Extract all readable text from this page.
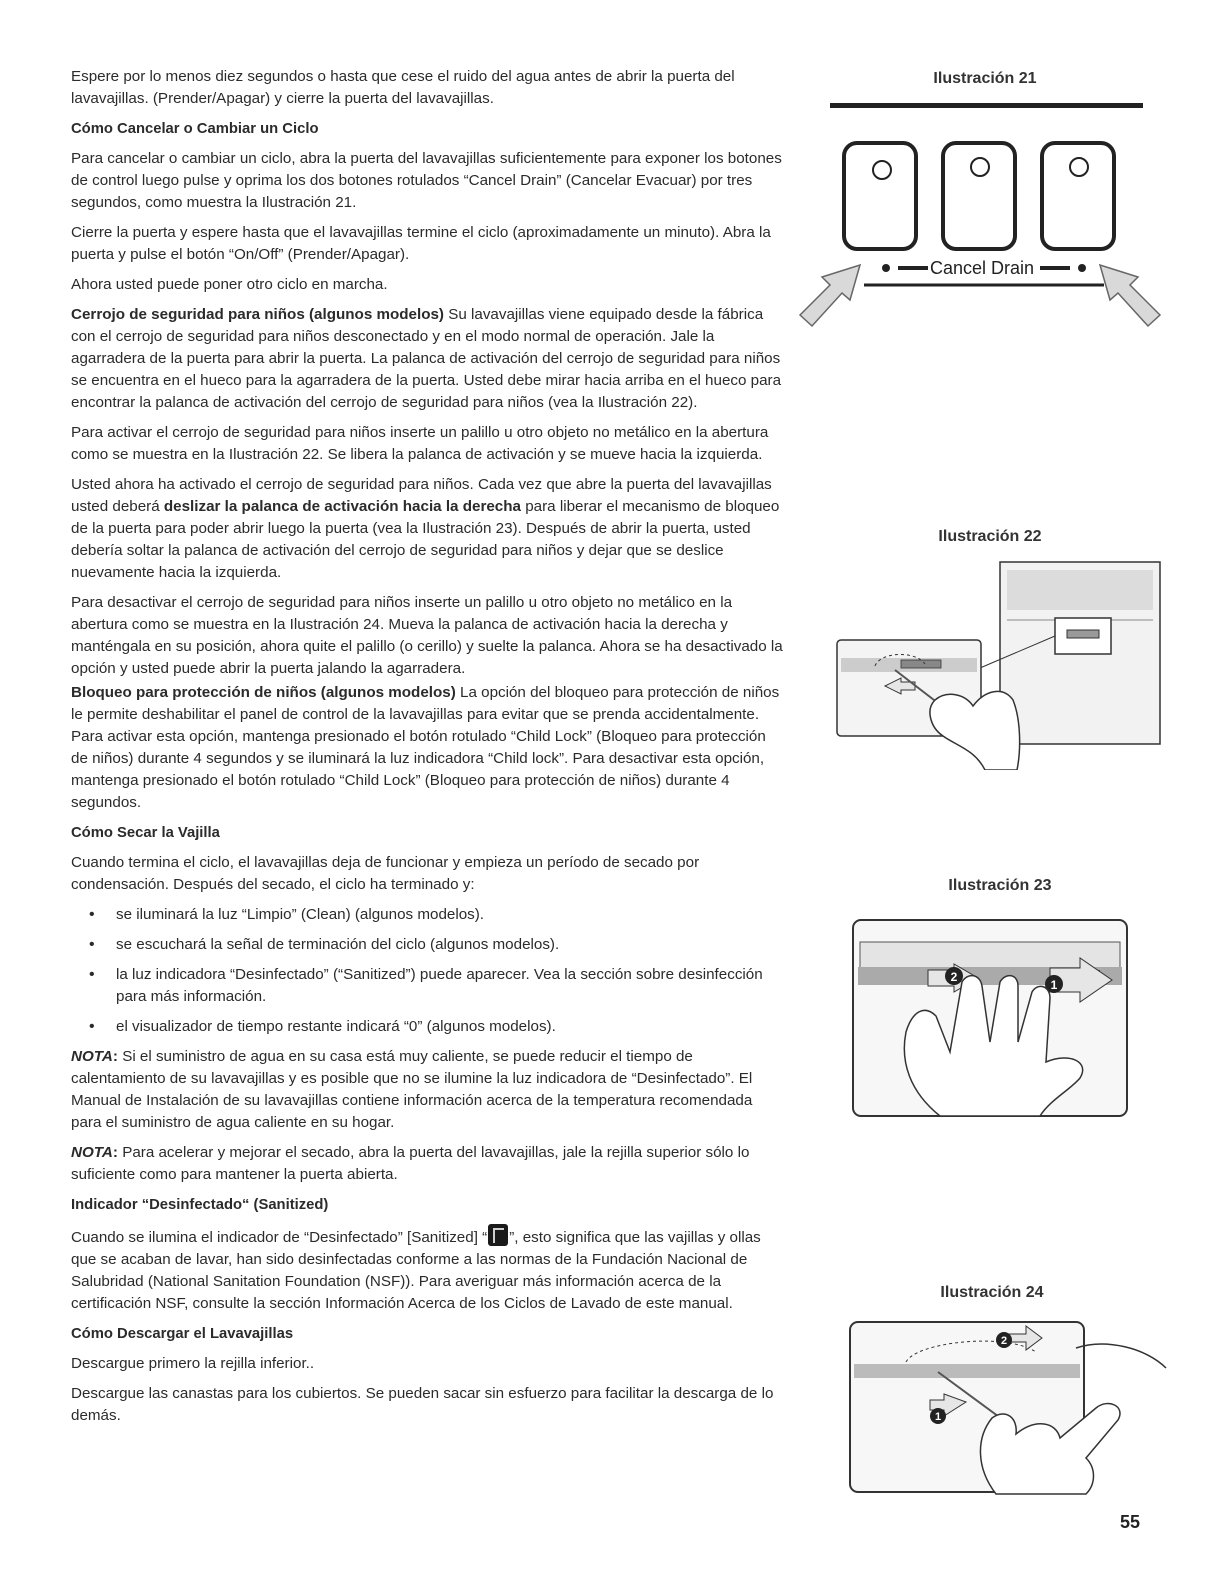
Espere por lo menos diez segundos o hasta que cese el ruido del agua antes de abrir la puerta del lavavajillas. (Prender/Apagar) y cierre la puerta del lavavajillas.

Cómo Cancelar o Cambiar un Ciclo

Para cancelar o cambiar un ciclo, abra la puerta del lavavajillas suficientemente para exponer los botones de control luego pulse y oprima los dos botones rotulados “Cancel Drain” (Cancelar Evacuar) por tres segundos, como muestra la Ilustración 21.

Cierre la puerta y espere hasta que el lavavajillas termine el ciclo (aproximadamente un minuto). Abra la puerta y pulse el botón “On/Off” (Prender/Apagar).

Ahora usted puede poner otro ciclo en marcha.

Cerrojo de seguridad para niños (algunos modelos) Su lavavajillas viene equipado desde la fábrica con el cerrojo de seguridad para niños desconectado y en el modo normal de operación. Jale la agarradera de la puerta para abrir la puerta. La palanca de activación del cerrojo de seguridad para niños se encuentra en el hueco para la agarradera de la puerta. Usted debe mirar hacia arriba en el hueco para encontrar la palanca de activación del cerrojo de seguridad para niños (vea la Ilustración 22).

Para activar el cerrojo de seguridad para niños inserte un palillo u otro objeto no metálico en la abertura como se muestra en la Ilustración 22. Se libera la palanca de activación y se mueve hacia la izquierda.

Usted ahora ha activado el cerrojo de seguridad para niños. Cada vez que abre la puerta del lavavajillas usted deberá deslizar la palanca de activación hacia la derecha para liberar el mecanismo de bloqueo de la puerta para poder abrir luego la puerta (vea la Ilustración 23). Después de abrir la puerta, usted debería soltar la palanca de activación del cerrojo de seguridad para niños y dejar que se deslice nuevamente hacia la izquierda.

Para desactivar el cerrojo de seguridad para niños inserte un palillo u otro objeto no metálico en la abertura como se muestra en la Ilustración 24. Mueva la palanca de activación hacia la derecha y manténgala en su posición, ahora quite el palillo (o cerillo) y suelte la palanca. Ahora se ha desactivado la opción y usted puede abrir la puerta jalando la agarradera.

Bloqueo para protección de niños (algunos modelos) La opción del bloqueo para protección de niños le permite deshabilitar el panel de control de la lavavajillas para evitar que se prenda accidentalmente. Para activar esta opción, mantenga presionado el botón rotulado “Child Lock” (Bloqueo para protección de niños) durante 4 segundos y se iluminará la luz indicadora “Child lock”. Para desactivar esta opción, mantenga presionado el botón rotulado “Child Lock” (Bloqueo para protección de niños) durante 4 segundos.

Cómo Secar la Vajilla

Cuando termina el ciclo, el lavavajillas deja de funcionar y empieza un período de secado por condensación. Después del secado, el ciclo ha terminado y:

• se iluminará la luz “Limpio” (Clean) (algunos modelos).
• se escuchará la señal de terminación del ciclo (algunos modelos).
• la luz indicadora “Desinfectado” (“Sanitized”) puede aparecer. Vea la sección sobre desinfección para más información.
• el visualizador de tiempo restante indicará “0” (algunos modelos).

NOTA: Si el suministro de agua en su casa está muy caliente, se puede reducir el tiempo de calentamiento de su lavavajillas y es posible que no se ilumine la luz indicadora de “Desinfectado”. El Manual de Instalación de su lavavajillas contiene información acerca de la temperatura recomendada para el suministro de agua caliente en su hogar.

NOTA: Para acelerar y mejorar el secado, abra la puerta del lavavajillas, jale la rejilla superior sólo lo suficiente como para mantener la puerta abierta.

Indicador “Desinfectado“ (Sanitized)

Cuando se ilumina el indicador de “Desinfectado” [Sanitized] “ ”, esto significa que las vajillas y ollas que se acaban de lavar, han sido desinfectadas conforme a las normas de la Fundación Nacional de Salubridad (National Sanitation Foundation (NSF)). Para averiguar más información acerca de la certificación NSF, consulte la sección Información Acerca de los Ciclos de Lavado de este manual.

Cómo Descargar el Lavavajillas

Descargue primero la rejilla inferior..

Descargue las canastas para los cubiertos. Se pueden sacar sin esfuerzo para facilitar la descarga de lo demás.

Ilustración 21
Cancel Drain
Ilustración 22
Ilustración 23
2
1
Ilustración 24
2
1
55
